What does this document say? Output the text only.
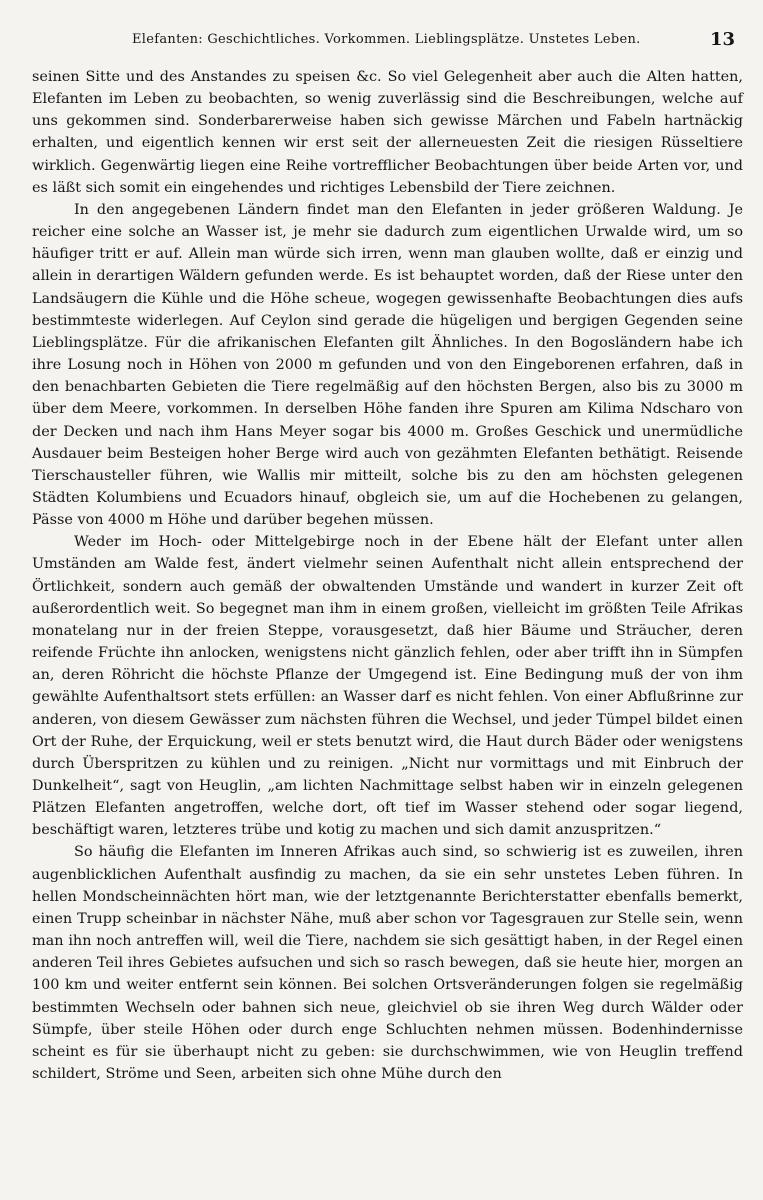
Elefanten: Geschichtliches. Vorkommen. Lieblingsplätze. Unstetes Leben.	13

seinen Sitte und des Anstandes zu speisen &c. So viel Gelegenheit aber auch die Alten hatten, Elefanten im Leben zu beobachten, so wenig zuverlässig sind die Beschreibungen, welche auf uns gekommen sind. Sonderbarerweise haben sich gewisse Märchen und Fabeln hartnäckig erhalten, und eigentlich kennen wir erst seit der allerneuesten Zeit die riesigen Rüsseltiere wirklich. Gegenwärtig liegen eine Reihe vortrefflicher Beobachtungen über beide Arten vor, und es läßt sich somit ein eingehendes und richtiges Lebensbild der Tiere zeichnen.

In den angegebenen Ländern findet man den Elefanten in jeder größeren Waldung. Je reicher eine solche an Wasser ist, je mehr sie dadurch zum eigentlichen Urwalde wird, um so häufiger tritt er auf. Allein man würde sich irren, wenn man glauben wollte, daß er einzig und allein in derartigen Wäldern gefunden werde. Es ist behauptet worden, daß der Riese unter den Landsäugern die Kühle und die Höhe scheue, wogegen gewissenhafte Beobachtungen dies aufs bestimmteste widerlegen. Auf Ceylon sind gerade die hügeligen und bergigen Gegenden seine Lieblingsplätze. Für die afrikanischen Elefanten gilt Ähnliches. In den Bogosländern habe ich ihre Losung noch in Höhen von 2000 m gefunden und von den Eingeborenen erfahren, daß in den benachbarten Gebieten die Tiere regelmäßig auf den höchsten Bergen, also bis zu 3000 m über dem Meere, vorkommen. In derselben Höhe fanden ihre Spuren am Kilima Ndscharo von der Decken und nach ihm Hans Meyer sogar bis 4000 m. Großes Geschick und unermüdliche Ausdauer beim Besteigen hoher Berge wird auch von gezähmten Elefanten bethätigt. Reisende Tierschausteller führen, wie Wallis mir mitteilt, solche bis zu den am höchsten gelegenen Städten Kolumbiens und Ecuadors hinauf, obgleich sie, um auf die Hochebenen zu gelangen, Pässe von 4000 m Höhe und darüber begehen müssen.

Weder im Hoch- oder Mittelgebirge noch in der Ebene hält der Elefant unter allen Umständen am Walde fest, ändert vielmehr seinen Aufenthalt nicht allein entsprechend der Örtlichkeit, sondern auch gemäß der obwaltenden Umstände und wandert in kurzer Zeit oft außerordentlich weit. So begegnet man ihm in einem großen, vielleicht im größten Teile Afrikas monatelang nur in der freien Steppe, vorausgesetzt, daß hier Bäume und Sträucher, deren reifende Früchte ihn anlocken, wenigstens nicht gänzlich fehlen, oder aber trifft ihn in Sümpfen an, deren Röhricht die höchste Pflanze der Umgegend ist. Eine Bedingung muß der von ihm gewählte Aufenthaltsort stets erfüllen: an Wasser darf es nicht fehlen. Von einer Abflußrinne zur anderen, von diesem Gewässer zum nächsten führen die Wechsel, und jeder Tümpel bildet einen Ort der Ruhe, der Erquickung, weil er stets benutzt wird, die Haut durch Bäder oder wenigstens durch Überspritzen zu kühlen und zu reinigen. „Nicht nur vormittags und mit Einbruch der Dunkelheit“, sagt von Heuglin, „am lichten Nachmittage selbst haben wir in einzeln gelegenen Plätzen Elefanten angetroffen, welche dort, oft tief im Wasser stehend oder sogar liegend, beschäftigt waren, letzteres trübe und kotig zu machen und sich damit anzuspritzen.“

So häufig die Elefanten im Inneren Afrikas auch sind, so schwierig ist es zuweilen, ihren augenblicklichen Aufenthalt ausfindig zu machen, da sie ein sehr unstetes Leben führen. In hellen Mondscheinnächten hört man, wie der letztgenannte Berichterstatter ebenfalls bemerkt, einen Trupp scheinbar in nächster Nähe, muß aber schon vor Tagesgrauen zur Stelle sein, wenn man ihn noch antreffen will, weil die Tiere, nachdem sie sich gesättigt haben, in der Regel einen anderen Teil ihres Gebietes aufsuchen und sich so rasch bewegen, daß sie heute hier, morgen an 100 km und weiter entfernt sein können. Bei solchen Ortsveränderungen folgen sie regelmäßig bestimmten Wechseln oder bahnen sich neue, gleichviel ob sie ihren Weg durch Wälder oder Sümpfe, über steile Höhen oder durch enge Schluchten nehmen müssen. Bodenhindernisse scheint es für sie überhaupt nicht zu geben: sie durchschwimmen, wie von Heuglin treffend schildert, Ströme und Seen, arbeiten sich ohne Mühe durch den
